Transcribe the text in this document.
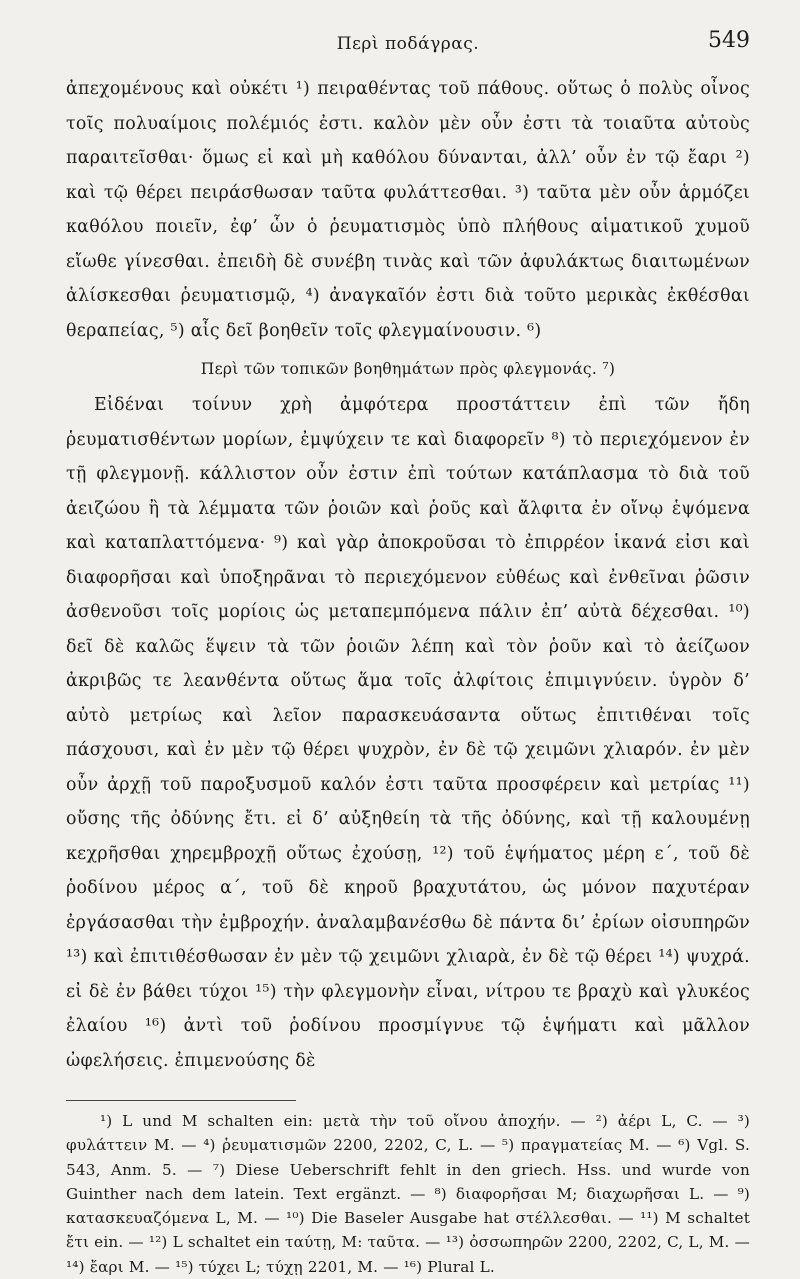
Περὶ ποδάγρας.	549

ἀπεχομένους καὶ οὐκέτι ¹) πειραθέντας τοῦ πάθους. οὕτως ὁ πολὺς οἶνος τοῖς πολυαίμοις πολέμιός ἐστι. καλὸν μὲν οὖν ἐστι τὰ τοιαῦτα αὐτοὺς παραιτεῖσθαι· ὅμως εἰ καὶ μὴ καθόλου δύνανται, ἀλλ’ οὖν ἐν τῷ ἔαρι ²) καὶ τῷ θέρει πειράσθωσαν ταῦτα φυλάττεσθαι. ³) ταῦτα μὲν οὖν ἁρμόζει καθόλου ποιεῖν, ἐφ’ ὧν ὁ ῥευματισμὸς ὑπὸ πλήθους αἱματικοῦ χυμοῦ εἴωθε γίνεσθαι. ἐπειδὴ δὲ συνέβη τινὰς καὶ τῶν ἀφυλάκτως διαιτωμένων ἁλίσκεσθαι ῥευματισμῷ, ⁴) ἀναγκαῖόν ἐστι διὰ τοῦτο μερικὰς ἐκθέσθαι θεραπείας, ⁵) αἷς δεῖ βοηθεῖν τοῖς φλεγμαίνουσιν. ⁶)

Περὶ τῶν τοπικῶν βοηθημάτων πρὸς φλεγμονάς. ⁷)

Εἰδέναι τοίνυν χρὴ ἀμφότερα προστάττειν ἐπὶ τῶν ἤδη ῥευματισθέντων μορίων, ἐμψύχειν τε καὶ διαφορεῖν ⁸) τὸ περιεχόμενον ἐν τῇ φλεγμονῇ. κάλλιστον οὖν ἐστιν ἐπὶ τούτων κατάπλασμα τὸ διὰ τοῦ ἀειζώου ἢ τὰ λέμματα τῶν ῥοιῶν καὶ ῥοῦς καὶ ἄλφιτα ἐν οἴνῳ ἑψόμενα καὶ καταπλαττόμενα· ⁹) καὶ γὰρ ἀποκροῦσαι τὸ ἐπιρρέον ἱκανά εἰσι καὶ διαφορῆσαι καὶ ὑποξηρᾶναι τὸ περιεχόμενον εὐθέως καὶ ἐνθεῖναι ῥῶσιν ἀσθενοῦσι τοῖς μορίοις ὡς μεταπεμπόμενα πάλιν ἐπ’ αὐτὰ δέχεσθαι. ¹⁰) δεῖ δὲ καλῶς ἕψειν τὰ τῶν ῥοιῶν λέπη καὶ τὸν ῥοῦν καὶ τὸ ἀείζωον ἀκριβῶς τε λεανθέντα οὕτως ἅμα τοῖς ἀλφίτοις ἐπιμιγνύειν. ὑγρὸν δ’ αὐτὸ μετρίως καὶ λεῖον παρασκευάσαντα οὕτως ἐπιτιθέναι τοῖς πάσχουσι, καὶ ἐν μὲν τῷ θέρει ψυχρὸν, ἐν δὲ τῷ χειμῶνι χλιαρόν. ἐν μὲν οὖν ἀρχῇ τοῦ παροξυσμοῦ καλόν ἐστι ταῦτα προσφέρειν καὶ μετρίας ¹¹) οὔσης τῆς ὀδύνης ἔτι. εἰ δ’ αὐξηθείη τὰ τῆς ὀδύνης, καὶ τῇ καλουμένῃ κεχρῆσθαι χηρεμβροχῇ οὕτως ἐχούσῃ, ¹²) τοῦ ἑψήματος μέρη ε΄, τοῦ δὲ ῥοδίνου μέρος α΄, τοῦ δὲ κηροῦ βραχυτάτου, ὡς μόνον παχυτέραν ἐργάσασθαι τὴν ἐμβροχήν. ἀναλαμβανέσθω δὲ πάντα δι’ ἐρίων οἰσυπηρῶν ¹³) καὶ ἐπιτιθέσθωσαν ἐν μὲν τῷ χειμῶνι χλιαρὰ, ἐν δὲ τῷ θέρει ¹⁴) ψυχρά. εἰ δὲ ἐν βάθει τύχοι ¹⁵) τὴν φλεγμονὴν εἶναι, νίτρου τε βραχὺ καὶ γλυκέος ἐλαίου ¹⁶) ἀντὶ τοῦ ῥοδίνου προσμίγνυε τῷ ἑψήματι καὶ μᾶλλον ὠφελήσεις. ἐπιμενούσης δὲ

¹) L und M schalten ein: μετὰ τὴν τοῦ οἴνου ἀποχήν. — ²) ἀέρι L, C. — ³) φυλάττειν M. — ⁴) ῥευματισμῶν 2200, 2202, C, L. — ⁵) πραγματείας M. — ⁶) Vgl. S. 543, Anm. 5. — ⁷) Diese Ueberschrift fehlt in den griech. Hss. und wurde von Guinther nach dem latein. Text ergänzt. — ⁸) διαφορῆσαι M; διαχωρῆσαι L. — ⁹) κατασκευαζόμενα L, M. — ¹⁰) Die Baseler Ausgabe hat στέλλεσθαι. — ¹¹) M schaltet ἔτι ein. — ¹²) L schaltet ein ταύτῃ, M: ταῦτα. — ¹³) ὀσσωπηρῶν 2200, 2202, C, L, M. — ¹⁴) ἔαρι M. — ¹⁵) τύχει L; τύχῃ 2201, M. — ¹⁶) Plural L.
